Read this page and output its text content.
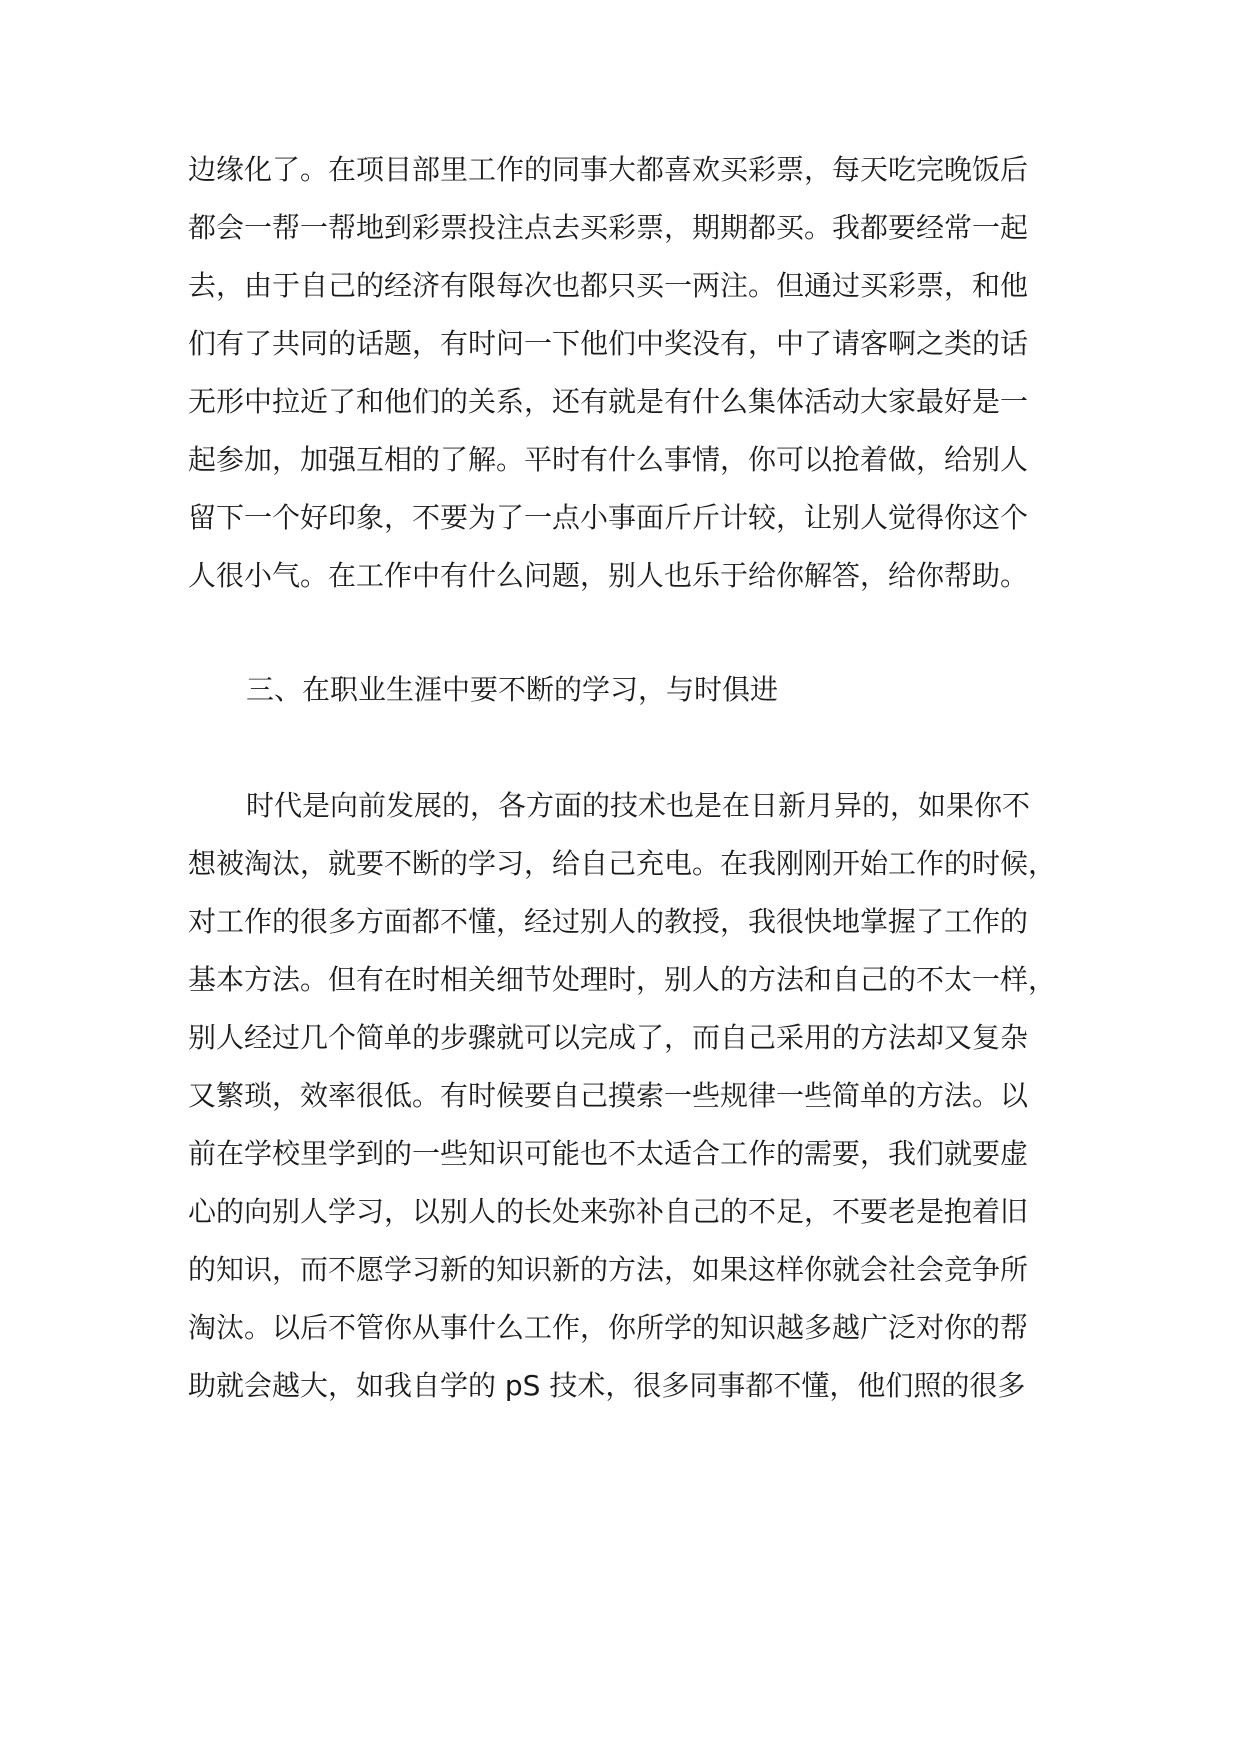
边缘化了。在项目部里工作的同事大都喜欢买彩票，每天吃完晚饭后
都会一帮一帮地到彩票投注点去买彩票，期期都买。我都要经常一起
去，由于自己的经济有限每次也都只买一两注。但通过买彩票，和他
们有了共同的话题，有时问一下他们中奖没有，中了请客啊之类的话
无形中拉近了和他们的关系，还有就是有什么集体活动大家最好是一
起参加，加强互相的了解。平时有什么事情，你可以抢着做，给别人
留下一个好印象，不要为了一点小事面斤斤计较，让别人觉得你这个
人很小气。在工作中有什么问题，别人也乐于给你解答，给你帮助。
三、在职业生涯中要不断的学习，与时俱进
时代是向前发展的，各方面的技术也是在日新月异的，如果你不
想被淘汰，就要不断的学习，给自己充电。在我刚刚开始工作的时候，
对工作的很多方面都不懂，经过别人的教授，我很快地掌握了工作的
基本方法。但有在时相关细节处理时，别人的方法和自己的不太一样，
别人经过几个简单的步骤就可以完成了，而自己采用的方法却又复杂
又繁琐，效率很低。有时候要自己摸索一些规律一些简单的方法。以
前在学校里学到的一些知识可能也不太适合工作的需要，我们就要虚
心的向别人学习，以别人的长处来弥补自己的不足，不要老是抱着旧
的知识，而不愿学习新的知识新的方法，如果这样你就会社会竞争所
淘汰。以后不管你从事什么工作，你所学的知识越多越广泛对你的帮
助就会越大，如我自学的 pS 技术，很多同事都不懂，他们照的很多
